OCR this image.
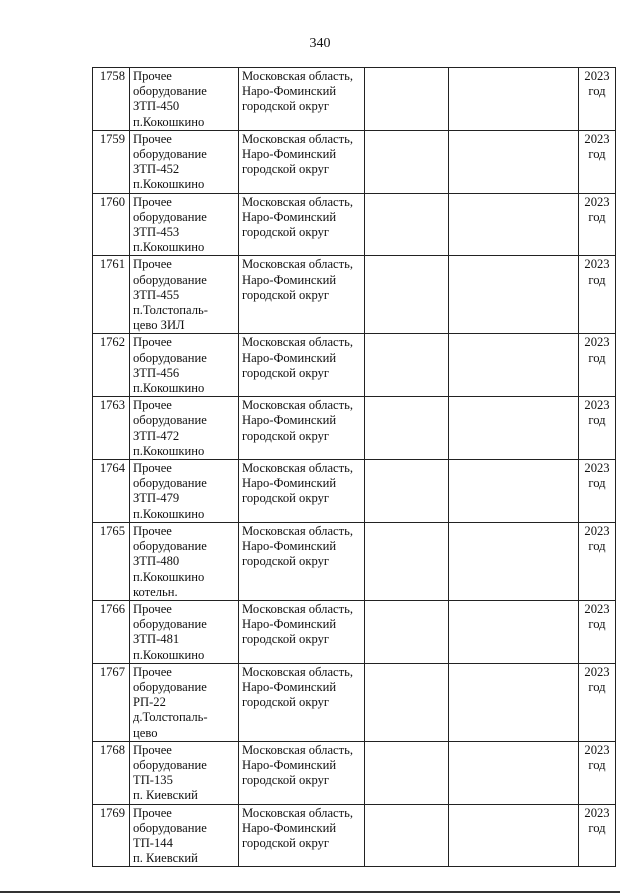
340
1758	Прочее
оборудование
ЗТП-450
п.Кокошкино	Московская область,
Наро-Фоминский
городской округ			2023
год

1759	Прочее
оборудование
ЗТП-452
п.Кокошкино	Московская область,
Наро-Фоминский
городской округ			2023
год

1760	Прочее
оборудование
ЗТП-453
п.Кокошкино	Московская область,
Наро-Фоминский
городской округ			2023
год

1761	Прочее
оборудование
ЗТП-455
п.Толстопаль-
цево ЗИЛ	Московская область,
Наро-Фоминский
городской округ			2023
год

1762	Прочее
оборудование
ЗТП-456
п.Кокошкино	Московская область,
Наро-Фоминский
городской округ			2023
год

1763	Прочее
оборудование
ЗТП-472
п.Кокошкино	Московская область,
Наро-Фоминский
городской округ			2023
год

1764	Прочее
оборудование
ЗТП-479
п.Кокошкино	Московская область,
Наро-Фоминский
городской округ			2023
год

1765	Прочее
оборудование
ЗТП-480
п.Кокошкино
котельн.	Московская область,
Наро-Фоминский
городской округ			2023
год

1766	Прочее
оборудование
ЗТП-481
п.Кокошкино	Московская область,
Наро-Фоминский
городской округ			2023
год

1767	Прочее
оборудование
РП-22
д.Толстопаль-
цево	Московская область,
Наро-Фоминский
городской округ			2023
год

1768	Прочее
оборудование
ТП-135
п. Киевский	Московская область,
Наро-Фоминский
городской округ			2023
год

1769	Прочее
оборудование
ТП-144
п. Киевский	Московская область,
Наро-Фоминский
городской округ			2023
год
